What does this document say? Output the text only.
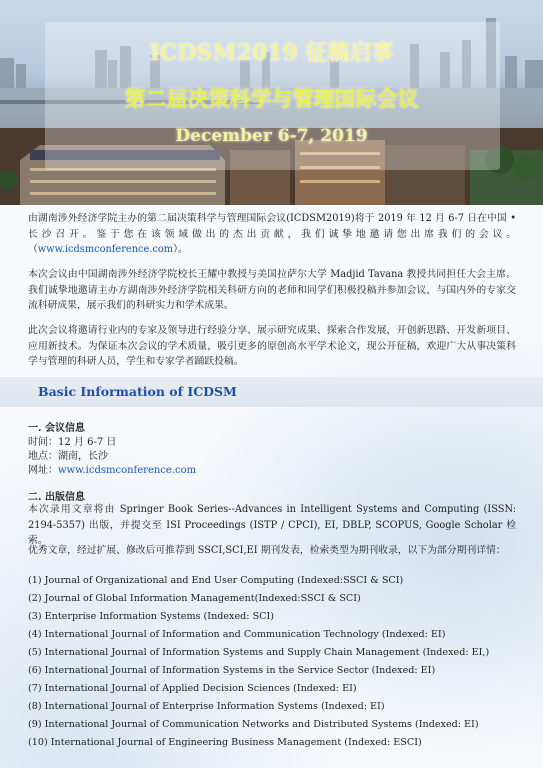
ICDSM2019 征稿启事
第二届决策科学与管理国际会议
December 6-7, 2019

由湖南涉外经济学院主办的第二届决策科学与管理国际会议(ICDSM2019)将于 2019 年 12 月 6-7 日在中国 • 长沙召开。鉴于您在该领域做出的杰出贡献，我们诚挚地邀请您出席我们的会议。（www.icdsmconference.com）。

本次会议由中国湖南涉外经济学院校长王耀中教授与美国拉萨尔大学 Madjid Tavana 教授共同担任大会主席。我们诚挚地邀请主办方湖南涉外经济学院相关科研方向的老师和同学们积极投稿并参加会议，与国内外的专家交流科研成果，展示我们的科研实力和学术成果。

此次会议将邀请行业内的专家及领导进行经验分享、展示研究成果、探索合作发展，开创新思路、开发新项目、应用新技术。为保证本次会议的学术质量，吸引更多的原创高水平学术论文，现公开征稿，欢迎广大从事决策科学与管理的科研人员，学生和专家学者踊跃投稿。

Basic Information of ICDSM
一. 会议信息
时间：12 月 6-7 日
地点：湖南，长沙
网址：www.icdsmconference.com
二. 出版信息

本次录用文章将由 Springer Book Series--Advances in Intelligent Systems and Computing (ISSN: 2194-5357) 出版，并提交至 ISI Proceedings (ISTP / CPCI), EI, DBLP, SCOPUS, Google Scholar 检索。

优秀文章，经过扩展、修改后可推荐到 SSCI,SCI,EI 期刊发表，检索类型为期刊收录，以下为部分期刊详情：

(1) Journal of Organizational and End User Computing (Indexed:SSCI & SCI)
(2) Journal of Global Information Management(Indexed:SSCI & SCI)
(3) Enterprise Information Systems (Indexed: SCI)
(4) International Journal of Information and Communication Technology (Indexed: EI)
(5) International Journal of Information Systems and Supply Chain Management (Indexed: EI,)
(6) International Journal of Information Systems in the Service Sector (Indexed: EI)
(7) International Journal of Applied Decision Sciences (Indexed: EI)
(8) International Journal of Enterprise Information Systems (Indexed: EI)
(9) International Journal of Communication Networks and Distributed Systems (Indexed: EI)
(10) International Journal of Engineering Business Management (Indexed: ESCI)
